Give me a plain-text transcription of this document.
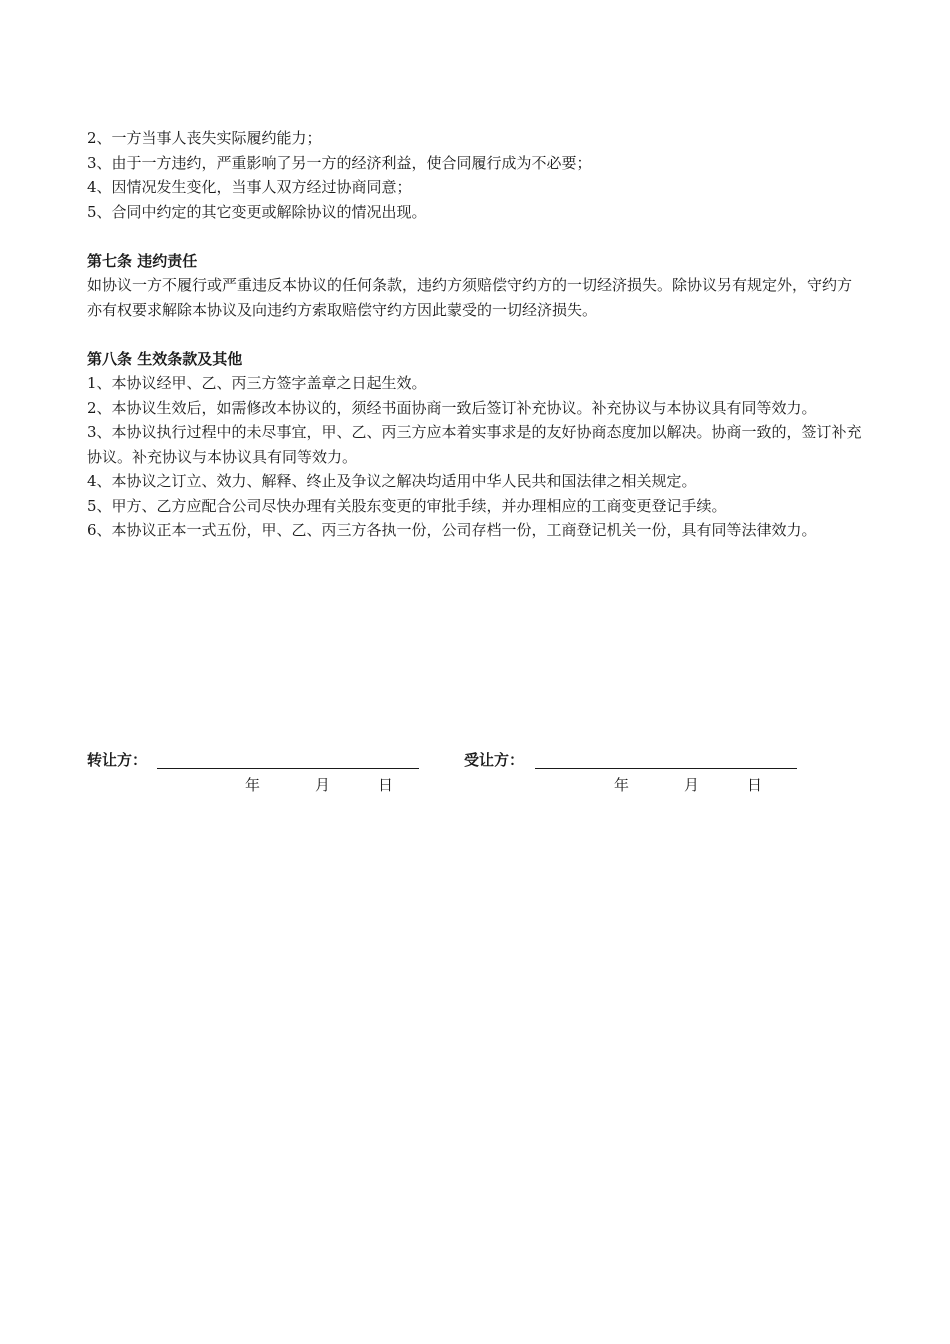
2、一方当事人丧失实际履约能力；

3、由于一方违约，严重影响了另一方的经济利益，使合同履行成为不必要；

4、因情况发生变化，当事人双方经过协商同意；

5、合同中约定的其它变更或解除协议的情况出现。

第七条 违约责任

如协议一方不履行或严重违反本协议的任何条款，违约方须赔偿守约方的一切经济损失。除协议另有规定外，守约方亦有权要求解除本协议及向违约方索取赔偿守约方因此蒙受的一切经济损失。

第八条 生效条款及其他

1、本协议经甲、乙、丙三方签字盖章之日起生效。

2、本协议生效后，如需修改本协议的，须经书面协商一致后签订补充协议。补充协议与本协议具有同等效力。

3、本协议执行过程中的未尽事宜，甲、乙、丙三方应本着实事求是的友好协商态度加以解决。协商一致的，签订补充协议。补充协议与本协议具有同等效力。

4、本协议之订立、效力、解释、终止及争议之解决均适用中华人民共和国法律之相关规定。

5、甲方、乙方应配合公司尽快办理有关股东变更的审批手续，并办理相应的工商变更登记手续。

6、本协议正本一式五份，甲、乙、丙三方各执一份，公司存档一份，工商登记机关一份，具有同等法律效力。

转让方：
年	月	日
受让方：
年	月	日
